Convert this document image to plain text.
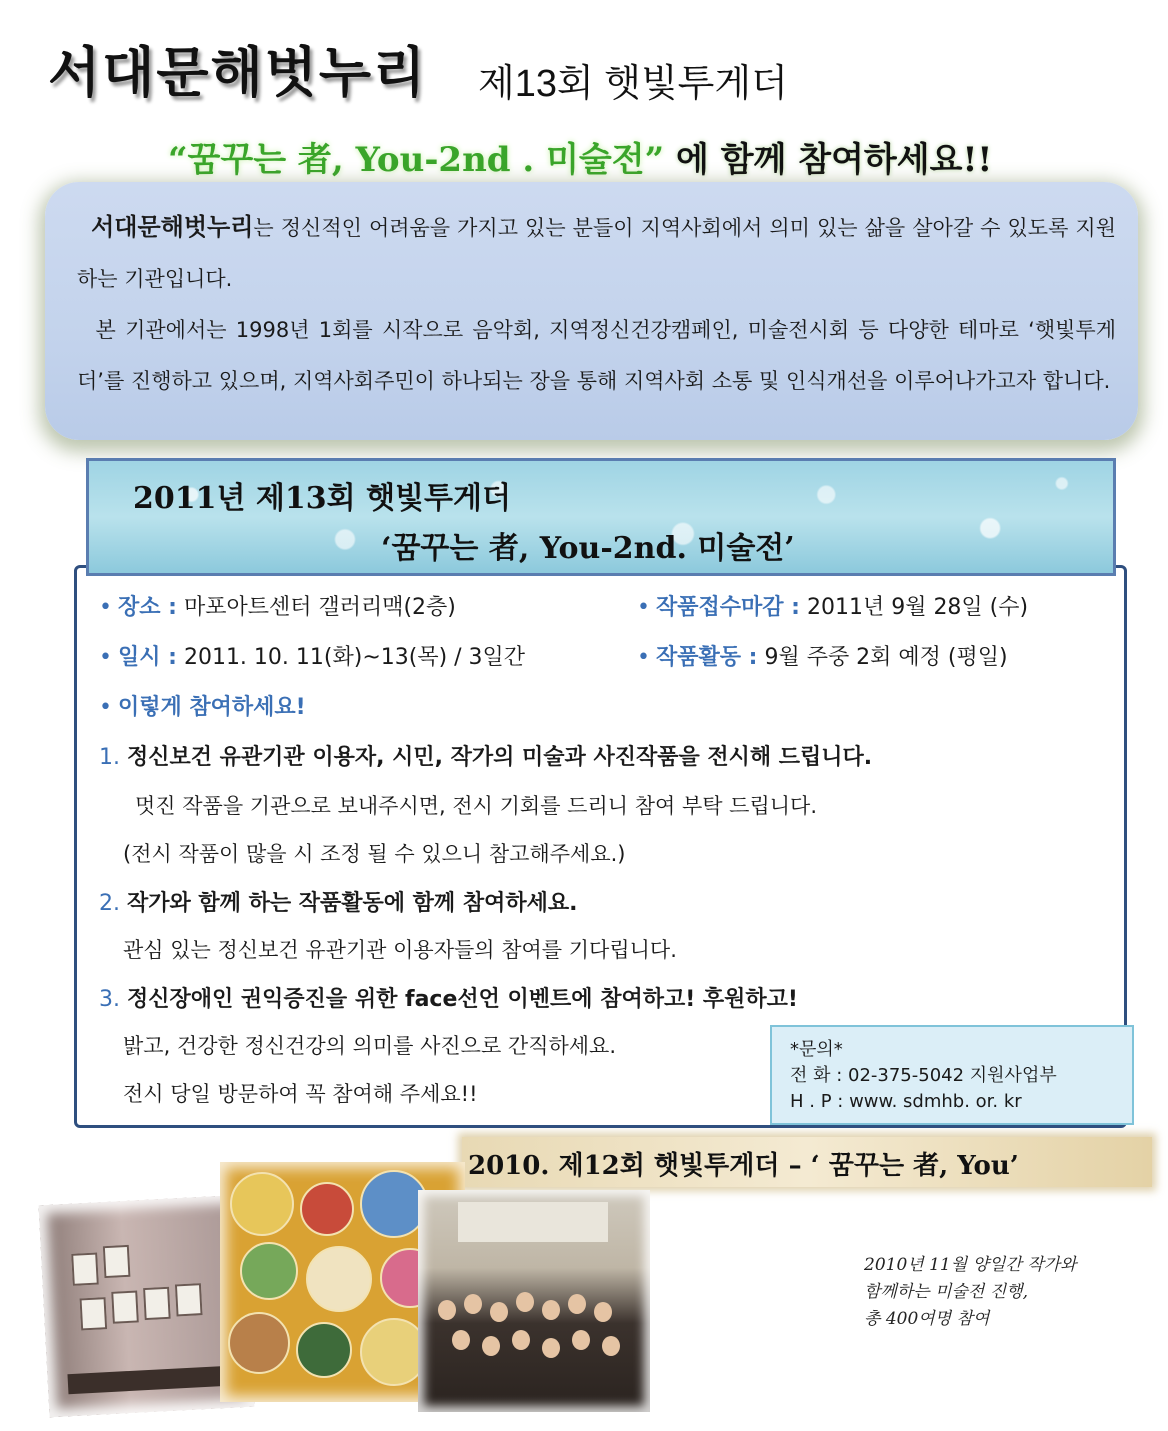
서대문해벗누리 제13회 햇빛투게더
“꿈꾸는 者, You-2nd . 미술전” 에 함께 참여하세요!!

서대문해벗누리는 정신적인 어려움을 가지고 있는 분들이 지역사회에서 의미 있는 삶을 살아갈 수 있도록 지원하는 기관입니다.

본 기관에서는 1998년 1회를 시작으로 음악회, 지역정신건강캠페인, 미술전시회 등 다양한 테마로 ‘햇빛투게더’를 진행하고 있으며, 지역사회주민이 하나되는 장을 통해 지역사회 소통 및 인식개선을 이루어나가고자 합니다.

2011년 제13회 햇빛투게더
‘꿈꾸는 者, You-2nd. 미술전’
• 장소 : 마포아트센터 갤러리맥(2층)	• 작품접수마감 : 2011년 9월 28일 (수)
• 일시 : 2011. 10. 11(화)~13(목) / 3일간	• 작품활동 : 9월 주중 2회 예정 (평일)
• 이렇게 참여하세요!
1. 정신보건 유관기관 이용자, 시민, 작가의 미술과 사진작품을 전시해 드립니다.
멋진 작품을 기관으로 보내주시면, 전시 기회를 드리니 참여 부탁 드립니다.
(전시 작품이 많을 시 조정 될 수 있으니 참고해주세요.)
2. 작가와 함께 하는 작품활동에 함께 참여하세요.
관심 있는 정신보건 유관기관 이용자들의 참여를 기다립니다.
3. 정신장애인 권익증진을 위한 face선언 이벤트에 참여하고! 후원하고!
밝고, 건강한 정신건강의 의미를 사진으로 간직하세요.
전시 당일 방문하여 꼭 참여해 주세요!!
*문의*
전 화 : 02-375-5042 지원사업부
H . P : www. sdmhb. or. kr
2010. 제12회 햇빛투게더 – ‘ 꿈꾸는 者, You’
2010년 11월 양일간 작가와
함께하는 미술전 진행,
총 400여명 참여
